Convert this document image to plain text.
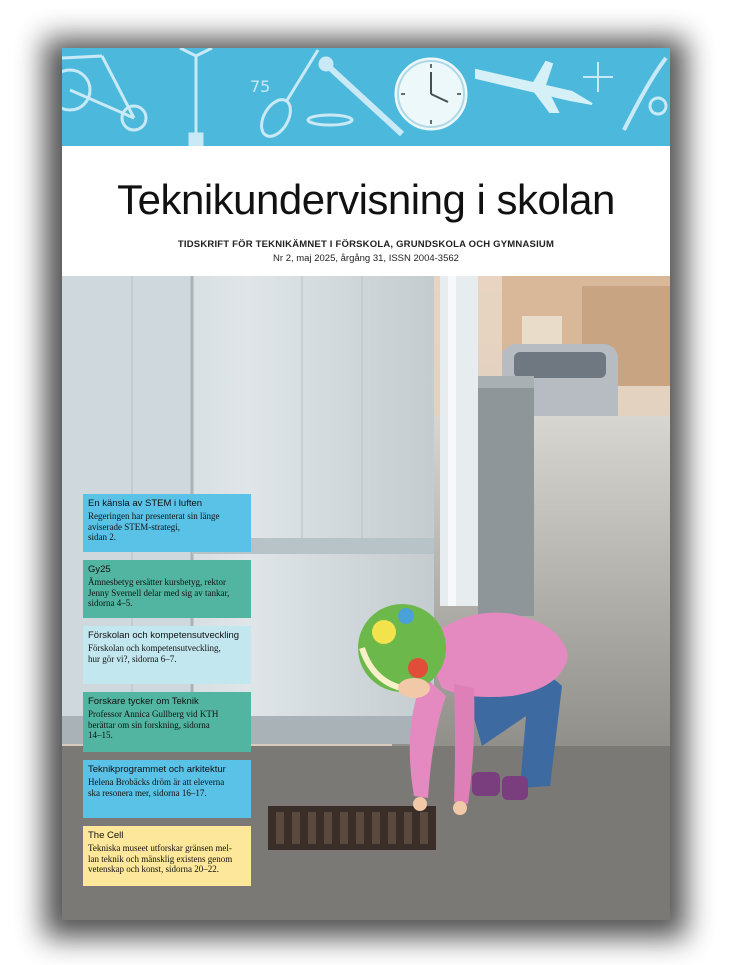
75
Teknikundervisning i skolan
TIDSKRIFT FÖR TEKNIKÄMNET I FÖRSKOLA, GRUNDSKOLA OCH GYMNASIUM
Nr 2, maj 2025, årgång 31, ISSN 2004-3562
En känsla av STEM i luften
Regeringen har presenterat sin länge
aviserade STEM-strategi,
sidan 2.
Gy25
Ämnesbetyg ersätter kursbetyg, rektor
Jenny Svernell delar med sig av tankar,
sidorna 4–5.
Förskolan och kompetensutveckling
Förskolan och kompetensutveckling,
hur gör vi?, sidorna 6–7.
Forskare tycker om Teknik
Professor Annica Gullberg vid KTH
berättar om sin forskning, sidorna
14–15.
Teknikprogrammet och arkitektur
Helena Brobäcks dröm är att eleverna
ska resonera mer, sidorna 16–17.
The Cell
Tekniska museet utforskar gränsen mel-
lan teknik och mänsklig existens genom
vetenskap och konst, sidorna 20–22.
